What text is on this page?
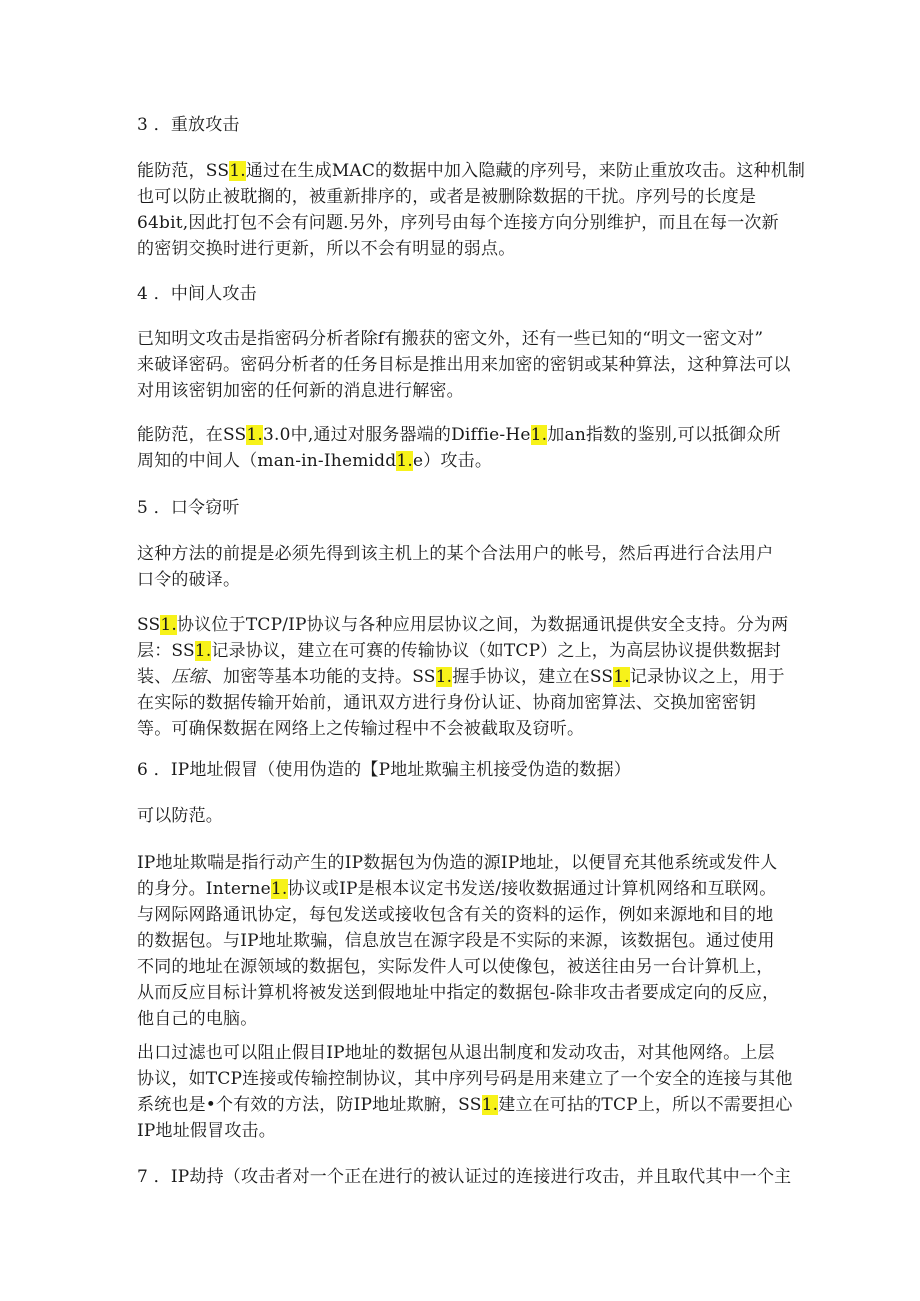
3 ．重放攻击
能防范，SS1.通过在生成MAC的数据中加入隐藏的序列号，来防止重放攻击。这种机制
也可以防止被耽搁的，被重新排序的，或者是被删除数据的干扰。序列号的长度是
64bit,因此打包不会有问题.另外，序列号由每个连接方向分别维护，而且在每一次新
的密钥交换时进行更新，所以不会有明显的弱点。
4 ．中间人攻击
已知明文攻击是指密码分析者除f有搬获的密文外，还有一些已知的“明文一密文对”
来破译密码。密码分析者的任务目标是推出用来加密的密钥或某种算法，这种算法可以
对用该密钥加密的任何新的消息进行解密。
能防范，在SS1.3.0中,通过对服务器端的Diffie-He1.加an指数的鉴别,可以抵御众所
周知的中间人（man-in-Ihemidd1.e）攻击。
5 ．口令窃听
这种方法的前提是必须先得到该主机上的某个合法用户的帐号，然后再进行合法用户
口令的破译。
SS1.协议位于TCP/IP协议与各种应用层协议之间，为数据通讯提供安全支持。分为两
层：SS1.记录协议，建立在可赛的传输协议（如TCP）之上，为高层协议提供数据封
装、压缩、加密等基本功能的支持。SS1.握手协议，建立在SS1.记录协议之上，用于
在实际的数据传输开始前，通讯双方进行身份认证、协商加密算法、交换加密密钥
等。可确保数据在网络上之传输过程中不会被截取及窃听。
6 ．IP地址假冒（使用伪造的【P地址欺骗主机接受伪造的数据）
可以防范。
IP地址欺喘是指行动产生的IP数据包为伪造的源IP地址，以便冒充其他系统或发件人
的身分。Interne1.协议或IP是根本议定书发送/接收数据通过计算机网络和互联网。
与网际网路通讯协定，每包发送或接收包含有关的资料的运作，例如来源地和目的地
的数据包。与IP地址欺骗，信息放岂在源字段是不实际的来源，该数据包。通过使用
不同的地址在源领域的数据包，实际发件人可以使像包，被送往由另一台计算机上，
从而反应目标计算机将被发送到假地址中指定的数据包-除非攻击者要成定向的反应，
他自己的电脑。
出口过滤也可以阻止假目IP地址的数据包从退出制度和发动攻击，对其他网络。上层
协议，如TCP连接或传输控制协议，其中序列号码是用来建立了一个安全的连接与其他
系统也是•个有效的方法，防IP地址欺腑，SS1.建立在可拈的TCP上，所以不需要担心
IP地址假冒攻击。
7 ．IP劫持（攻击者对一个正在进行的被认证过的连接进行攻击，并且取代其中一个主
